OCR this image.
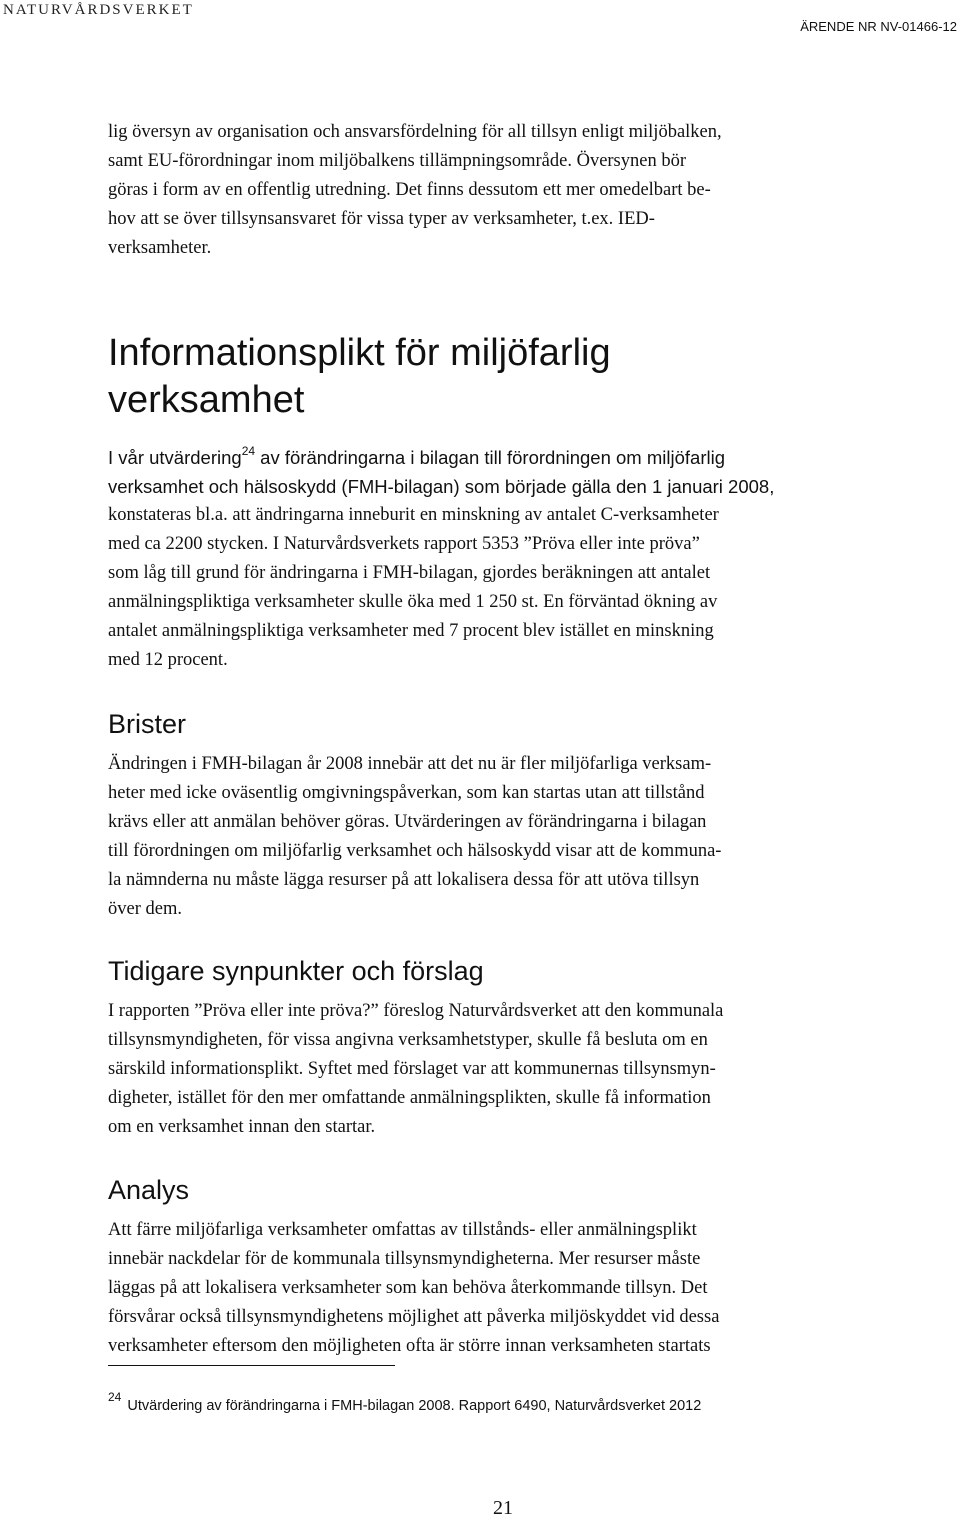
NATURVÅRDSVERKET
ÄRENDE NR NV-01466-12

lig översyn av organisation och ansvarsfördelning för all tillsyn enligt miljöbalken,
samt EU-förordningar inom miljöbalkens tillämpningsområde. Översynen bör
göras i form av en offentlig utredning. Det finns dessutom ett mer omedelbart be-
hov att se över tillsynsansvaret för vissa typer av verksamheter, t.ex. IED-
verksamheter.

Informationsplikt för miljöfarlig
verksamhet

I vår utvärdering$^{24}$ av förändringarna i bilagan till förordningen om miljöfarlig
verksamhet och hälsoskydd (FMH-bilagan) som började gälla den 1 januari 2008,
konstateras bl.a. att ändringarna inneburit en minskning av antalet C-verksamheter
med ca 2200 stycken. I Naturvårdsverkets rapport 5353 ”Pröva eller inte pröva”
som låg till grund för ändringarna i FMH-bilagan, gjordes beräkningen att antalet
anmälningspliktiga verksamheter skulle öka med 1 250 st. En förväntad ökning av
antalet anmälningspliktiga verksamheter med 7 procent blev istället en minskning
med 12 procent.

Brister

Ändringen i FMH-bilagan år 2008 innebär att det nu är fler miljöfarliga verksam-
heter med icke oväsentlig omgivningspåverkan, som kan startas utan att tillstånd
krävs eller att anmälan behöver göras. Utvärderingen av förändringarna i bilagan
till förordningen om miljöfarlig verksamhet och hälsoskydd visar att de kommuna-
la nämnderna nu måste lägga resurser på att lokalisera dessa för att utöva tillsyn
över dem.

Tidigare synpunkter och förslag

I rapporten ”Pröva eller inte pröva?” föreslog Naturvårdsverket att den kommunala
tillsynsmyndigheten, för vissa angivna verksamhetstyper, skulle få besluta om en
särskild informationsplikt. Syftet med förslaget var att kommunernas tillsynsmyn-
digheter, istället för den mer omfattande anmälningsplikten, skulle få information
om en verksamhet innan den startar.

Analys

Att färre miljöfarliga verksamheter omfattas av tillstånds- eller anmälningsplikt
innebär nackdelar för de kommunala tillsynsmyndigheterna. Mer resurser måste
läggas på att lokalisera verksamheter som kan behöva återkommande tillsyn. Det
försvårar också tillsynsmyndighetens möjlighet att påverka miljöskyddet vid dessa
verksamheter eftersom den möjligheten ofta är större innan verksamheten startats

$^{24}$ Utvärdering av förändringarna i FMH-bilagan 2008. Rapport 6490, Naturvårdsverket 2012
21
